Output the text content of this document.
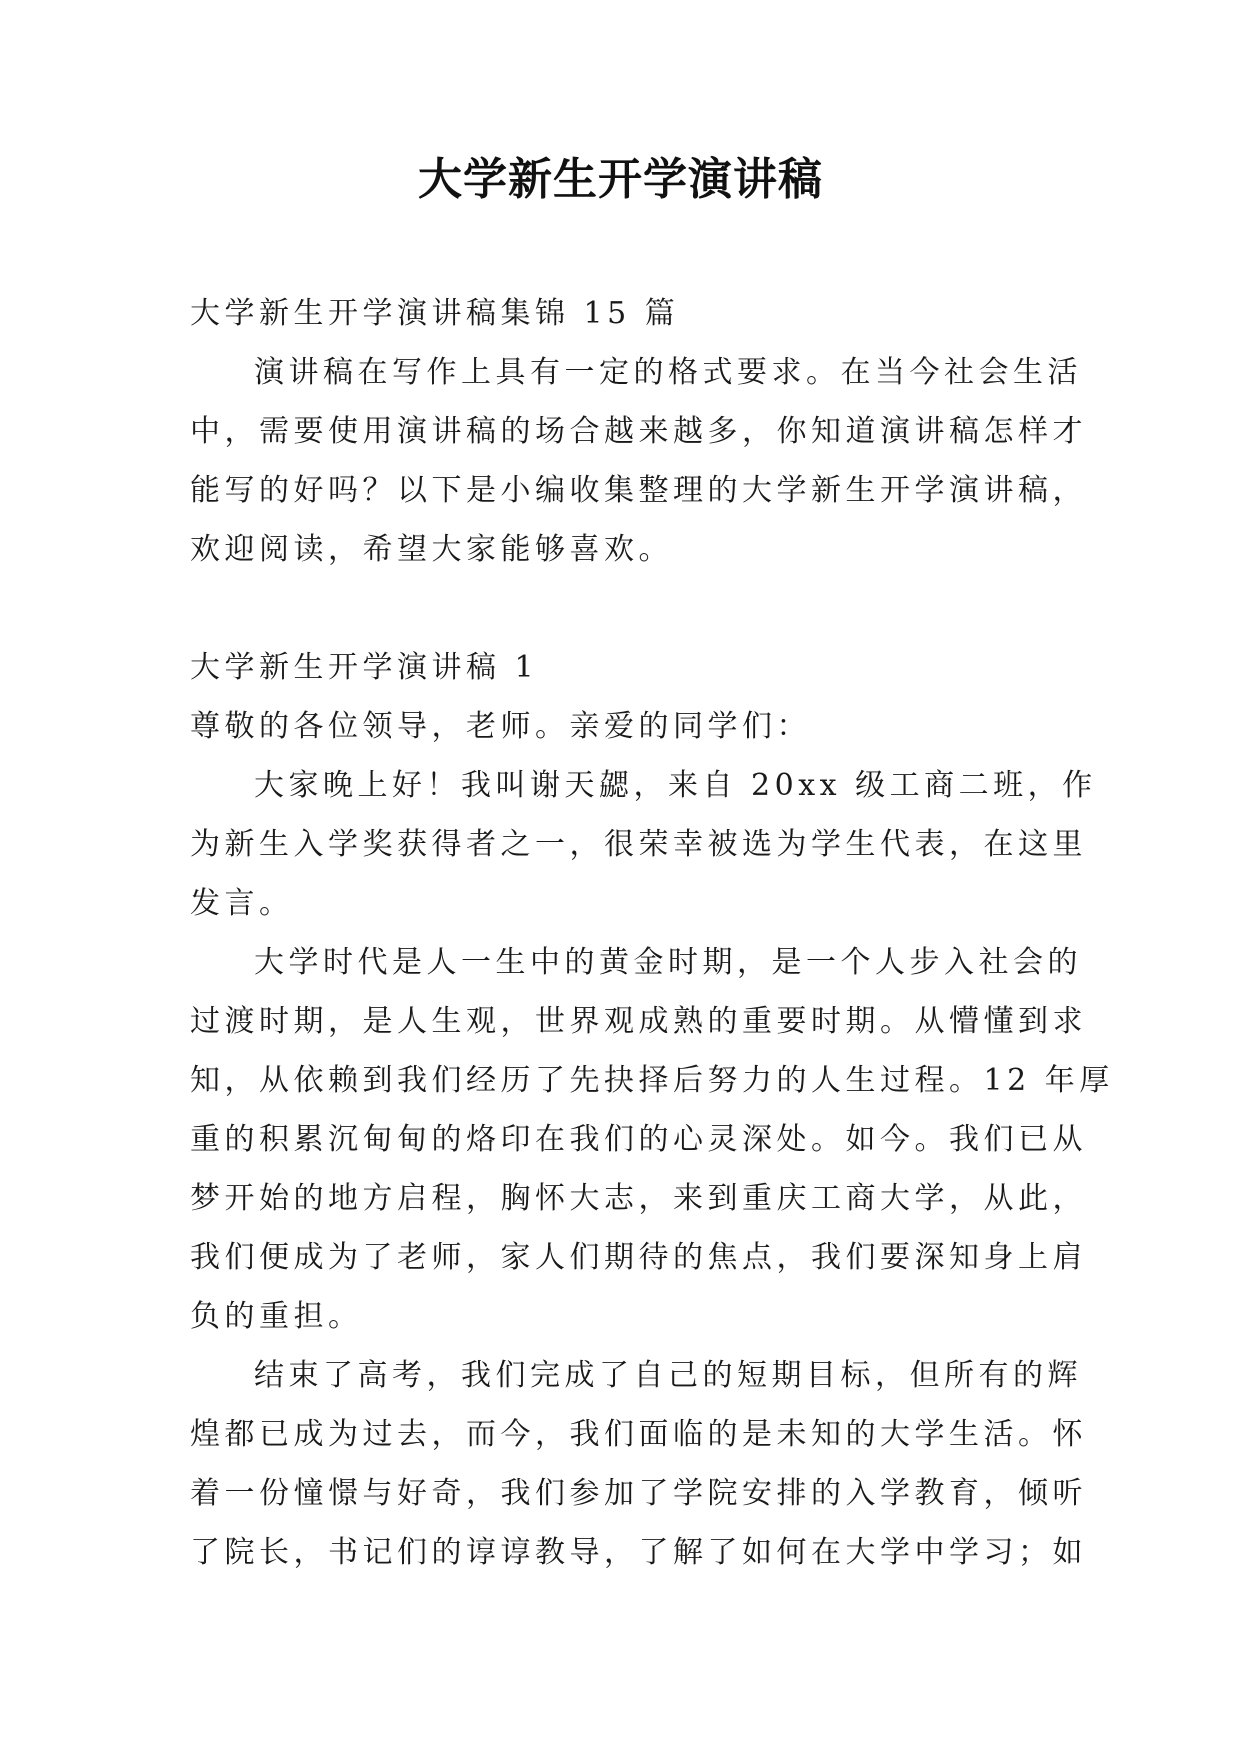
大学新生开学演讲稿
大学新生开学演讲稿集锦 15 篇
演讲稿在写作上具有一定的格式要求。在当今社会生活
中，需要使用演讲稿的场合越来越多，你知道演讲稿怎样才
能写的好吗？以下是小编收集整理的大学新生开学演讲稿，
欢迎阅读，希望大家能够喜欢。
大学新生开学演讲稿 1
尊敬的各位领导，老师。亲爱的同学们：
大家晚上好！我叫谢天勰，来自 20xx 级工商二班，作
为新生入学奖获得者之一，很荣幸被选为学生代表，在这里
发言。
大学时代是人一生中的黄金时期，是一个人步入社会的
过渡时期，是人生观，世界观成熟的重要时期。从懵懂到求
知，从依赖到我们经历了先抉择后努力的人生过程。12 年厚
重的积累沉甸甸的烙印在我们的心灵深处。如今。我们已从
梦开始的地方启程，胸怀大志，来到重庆工商大学，从此，
我们便成为了老师，家人们期待的焦点，我们要深知身上肩
负的重担。
结束了高考，我们完成了自己的短期目标，但所有的辉
煌都已成为过去，而今，我们面临的是未知的大学生活。怀
着一份憧憬与好奇，我们参加了学院安排的入学教育，倾听
了院长，书记们的谆谆教导，了解了如何在大学中学习；如
